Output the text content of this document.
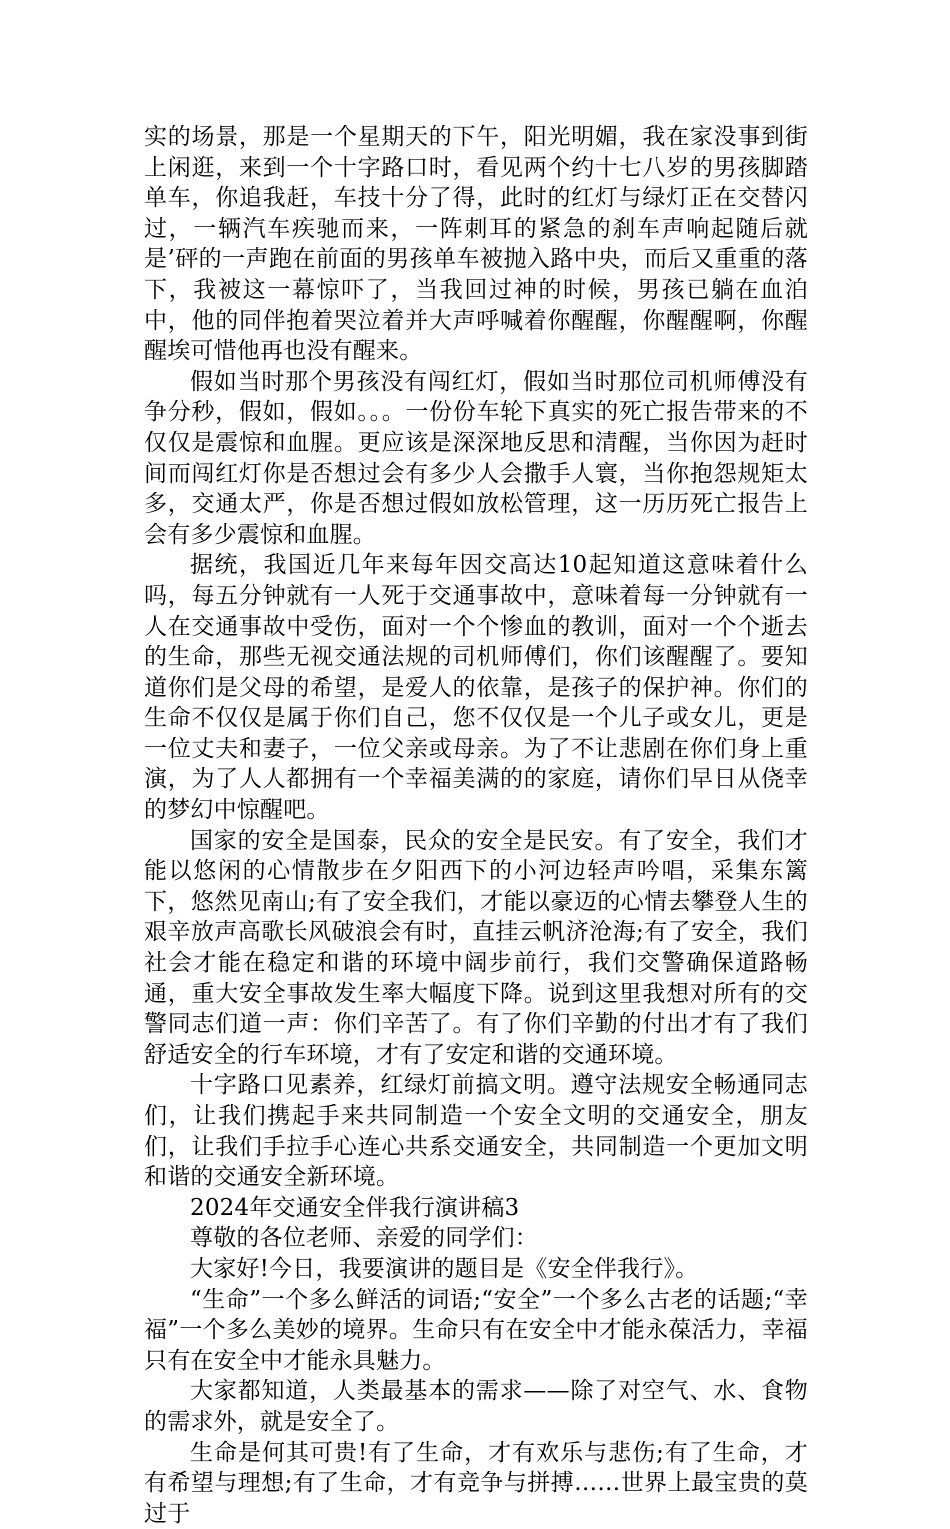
实的场景，那是一个星期天的下午，阳光明媚，我在家没事到街上闲逛，来到一个十字路口时，看见两个约十七八岁的男孩脚踏单车，你追我赶，车技十分了得，此时的红灯与绿灯正在交替闪过，一辆汽车疾驰而来，一阵刺耳的紧急的刹车声响起随后就是’砰的一声跑在前面的男孩单车被抛入路中央，而后又重重的落下，我被这一幕惊吓了，当我回过神的时候，男孩已躺在血泊中，他的同伴抱着哭泣着并大声呼喊着你醒醒，你醒醒啊，你醒醒埃可惜他再也没有醒来。

假如当时那个男孩没有闯红灯，假如当时那位司机师傅没有争分秒，假如，假如。。。一份份车轮下真实的死亡报告带来的不仅仅是震惊和血腥。更应该是深深地反思和清醒，当你因为赶时间而闯红灯你是否想过会有多少人会撒手人寰，当你抱怨规矩太多，交通太严，你是否想过假如放松管理，这一历历死亡报告上会有多少震惊和血腥。

据统，我国近几年来每年因交高达10起知道这意味着什么吗，每五分钟就有一人死于交通事故中，意味着每一分钟就有一人在交通事故中受伤，面对一个个惨血的教训，面对一个个逝去的生命，那些无视交通法规的司机师傅们，你们该醒醒了。要知道你们是父母的希望，是爱人的依靠，是孩子的保护神。你们的生命不仅仅是属于你们自己，您不仅仅是一个儿子或女儿，更是一位丈夫和妻子，一位父亲或母亲。为了不让悲剧在你们身上重演，为了人人都拥有一个幸福美满的的家庭，请你们早日从侥幸的梦幻中惊醒吧。

国家的安全是国泰，民众的安全是民安。有了安全，我们才能以悠闲的心情散步在夕阳西下的小河边轻声吟唱，采集东篱下，悠然见南山;有了安全我们，才能以豪迈的心情去攀登人生的艰辛放声高歌长风破浪会有时，直挂云帆济沧海;有了安全，我们社会才能在稳定和谐的环境中阔步前行，我们交警确保道路畅通，重大安全事故发生率大幅度下降。说到这里我想对所有的交警同志们道一声：你们辛苦了。有了你们辛勤的付出才有了我们舒适安全的行车环境，才有了安定和谐的交通环境。

十字路口见素养，红绿灯前搞文明。遵守法规安全畅通同志们，让我们携起手来共同制造一个安全文明的交通安全，朋友们，让我们手拉手心连心共系交通安全，共同制造一个更加文明和谐的交通安全新环境。

2024年交通安全伴我行演讲稿3

尊敬的各位老师、亲爱的同学们：

大家好!今日，我要演讲的题目是《安全伴我行》。

“生命”一个多么鲜活的词语;“安全”一个多么古老的话题;“幸福”一个多么美妙的境界。生命只有在安全中才能永葆活力，幸福只有在安全中才能永具魅力。

大家都知道，人类最基本的需求——除了对空气、水、食物的需求外，就是安全了。

生命是何其可贵!有了生命，才有欢乐与悲伤;有了生命，才有希望与理想;有了生命，才有竞争与拼搏……世界上最宝贵的莫过于
